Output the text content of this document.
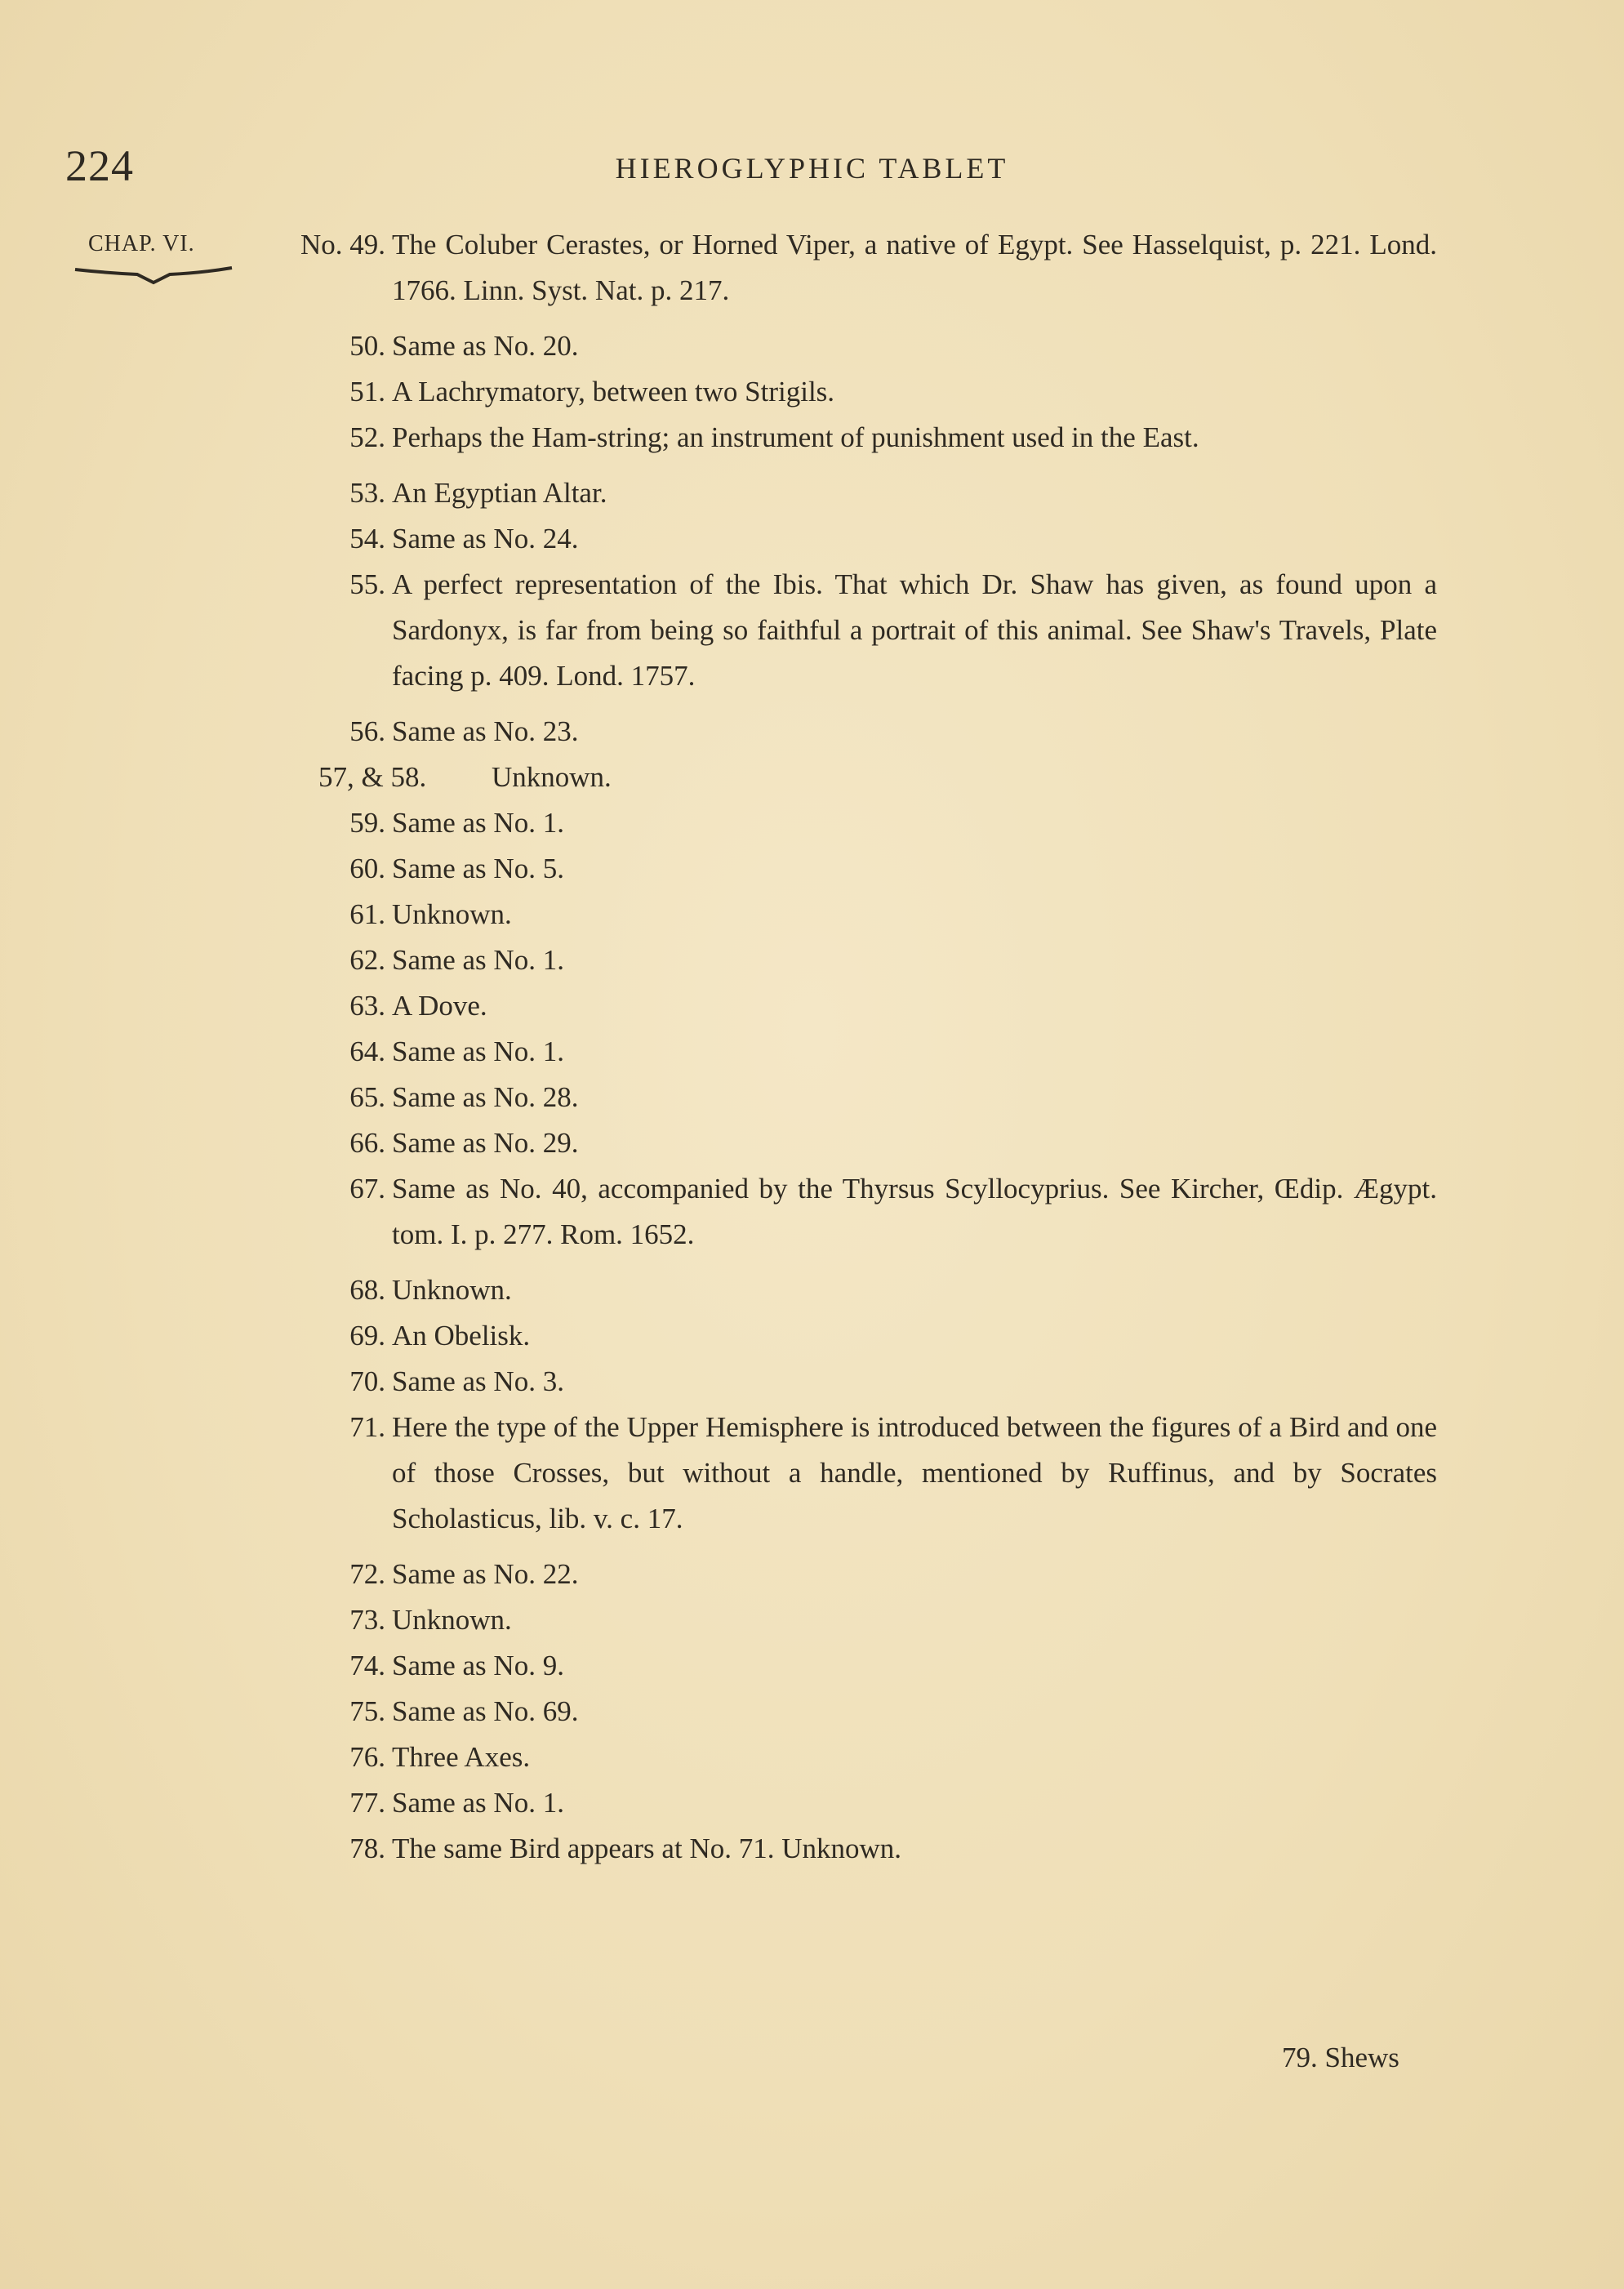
224	HIEROGLYPHIC TABLET
CHAP. VI.	No. 49. The Coluber Cerastes, or Horned Viper, a native of Egypt. See Hasselquist, p. 221. Lond. 1766. Linn. Syst. Nat. p. 217.
50. Same as No. 20.
51. A Lachrymatory, between two Strigils.
52. Perhaps the Ham-string; an instrument of punishment used in the East.
53. An Egyptian Altar.
54. Same as No. 24.
55. A perfect representation of the Ibis. That which Dr. Shaw has given, as found upon a Sardonyx, is far from being so faithful a portrait of this animal. See Shaw's Travels, Plate facing p. 409. Lond. 1757.
56. Same as No. 23.
57, & 58. Unknown.
59. Same as No. 1.
60. Same as No. 5.
61. Unknown.
62. Same as No. 1.
63. A Dove.
64. Same as No. 1.
65. Same as No. 28.
66. Same as No. 29.
67. Same as No. 40, accompanied by the Thyrsus Scyllocyprius. See Kircher, Œdip. Ægypt. tom. I. p. 277. Rom. 1652.
68. Unknown.
69. An Obelisk.
70. Same as No. 3.
71. Here the type of the Upper Hemisphere is introduced between the figures of a Bird and one of those Crosses, but without a handle, mentioned by Ruffinus, and by Socrates Scholasticus, lib. v. c. 17.
72. Same as No. 22.
73. Unknown.
74. Same as No. 9.
75. Same as No. 69.
76. Three Axes.
77. Same as No. 1.
78. The same Bird appears at No. 71. Unknown.
79. Shews
